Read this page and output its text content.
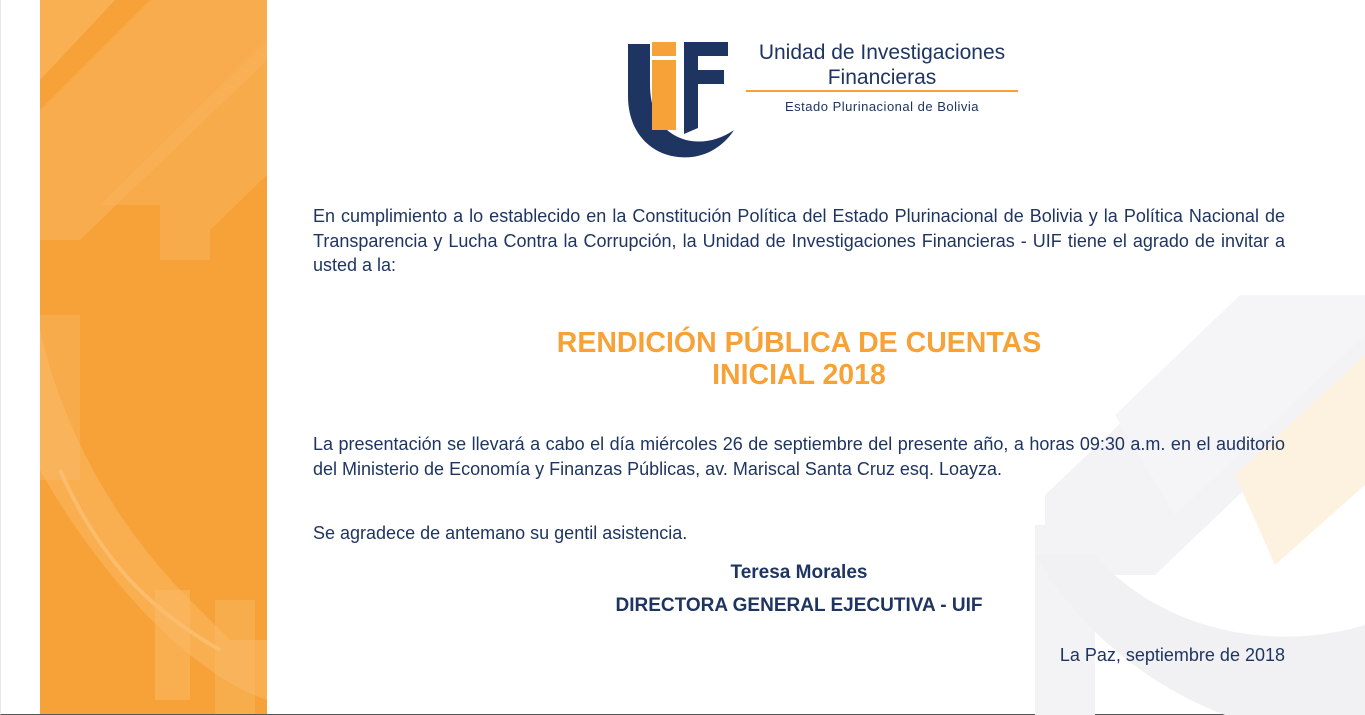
Unidad de Investigaciones
Financieras
Estado Plurinacional de Bolivia
En cumplimiento a lo establecido en la Constitución Política del Estado Plurinacional de Bolivia y la Política Nacional de Transparencia y Lucha Contra la Corrupción, la Unidad de Investigaciones Financieras - UIF tiene el agrado de invitar a usted a la:
RENDICIÓN PÚBLICA DE CUENTAS
INICIAL 2018
La presentación se llevará a cabo el día miércoles 26 de septiembre del presente año, a horas 09:30 a.m. en el auditorio del Ministerio de Economía y Finanzas Públicas, av. Mariscal Santa Cruz esq. Loayza.
Se agradece de antemano su gentil asistencia.
Teresa Morales
DIRECTORA GENERAL EJECUTIVA - UIF
La Paz, septiembre de 2018
